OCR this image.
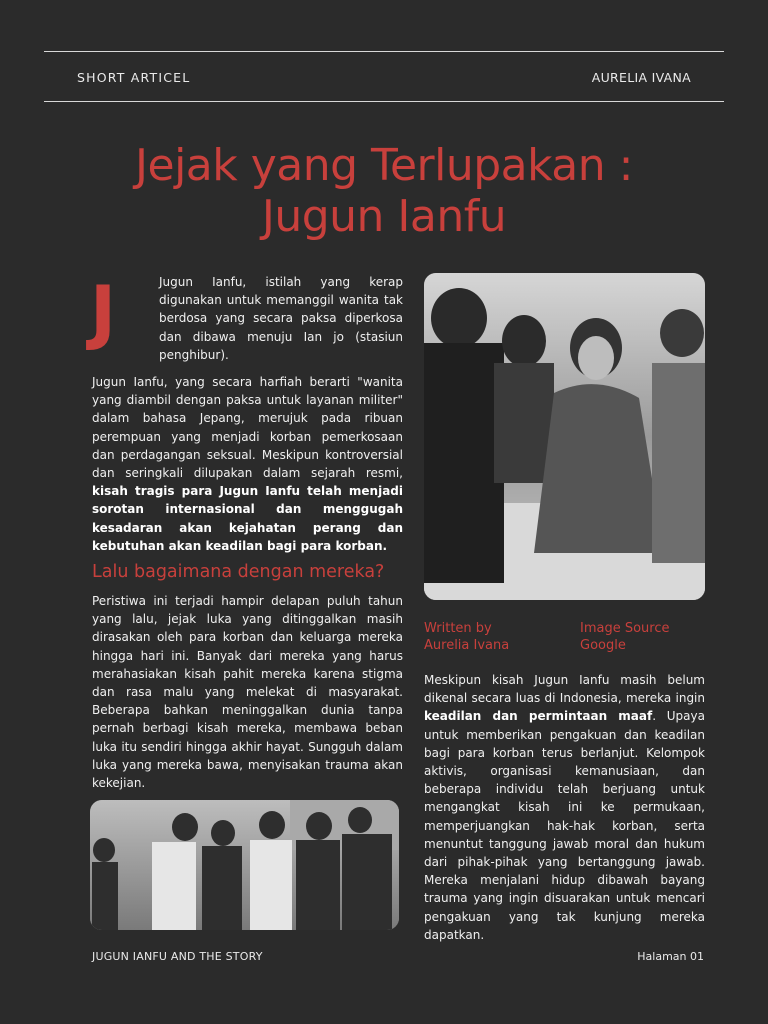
SHORT ARTICEL	AURELIA IVANA
Jejak yang Terlupakan :
Jugun Ianfu
J	Jugun Ianfu, istilah yang kerap digunakan untuk memanggil wanita tak berdosa yang secara paksa diperkosa dan dibawa menuju Ian jo (stasiun penghibur).
Jugun Ianfu, yang secara harfiah berarti "wanita yang diambil dengan paksa untuk layanan militer" dalam bahasa Jepang, merujuk pada ribuan perempuan yang menjadi korban pemerkosaan dan perdagangan seksual. Meskipun kontroversial dan seringkali dilupakan dalam sejarah resmi, kisah tragis para Jugun Ianfu telah menjadi sorotan internasional dan menggugah kesadaran akan kejahatan perang dan kebutuhan akan keadilan bagi para korban.
Lalu bagaimana dengan mereka?
Peristiwa ini terjadi hampir delapan puluh tahun yang lalu, jejak luka yang ditinggalkan masih dirasakan oleh para korban dan keluarga mereka hingga hari ini. Banyak dari mereka yang harus merahasiakan kisah pahit mereka karena stigma dan rasa malu yang melekat di masyarakat. Beberapa bahkan meninggalkan dunia tanpa pernah berbagi kisah mereka, membawa beban luka itu sendiri hingga akhir hayat. Sungguh dalam luka yang mereka bawa, menyisakan trauma akan kekejian.
Written by
Aurelia Ivana
Image Source
Google
Meskipun kisah Jugun Ianfu masih belum dikenal secara luas di Indonesia, mereka ingin keadilan dan permintaan maaf. Upaya untuk memberikan pengakuan dan keadilan bagi para korban terus berlanjut. Kelompok aktivis, organisasi kemanusiaan, dan beberapa individu telah berjuang untuk mengangkat kisah ini ke permukaan, memperjuangkan hak-hak korban, serta menuntut tanggung jawab moral dan hukum dari pihak-pihak yang bertanggung jawab. Mereka menjalani hidup dibawah bayang trauma yang ingin disuarakan untuk mencari pengakuan yang tak kunjung mereka dapatkan.
JUGUN IANFU AND THE STORY	Halaman 01
